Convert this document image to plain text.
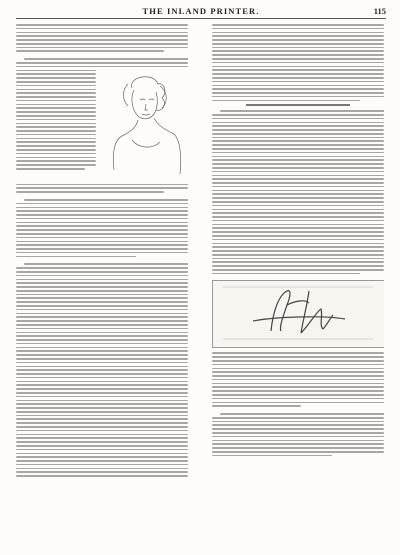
THE INLAND PRINTER.	115
